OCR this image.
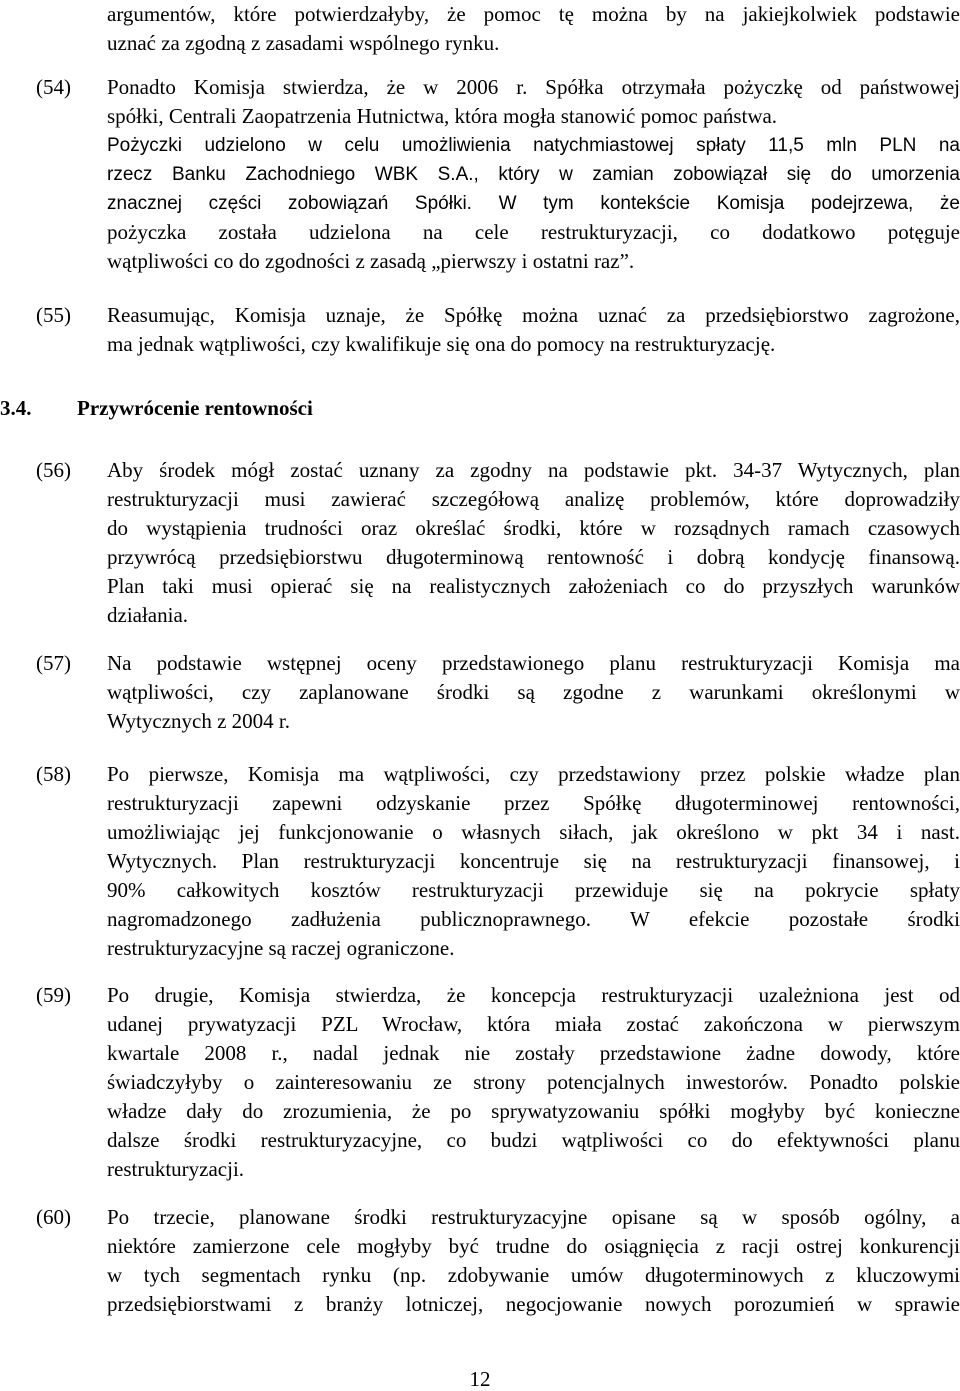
argumentów, które potwierdzałyby, że pomoc tę można by na jakiejkolwiek podstawie
uznać za zgodną z zasadami wspólnego rynku.
(54) Ponadto Komisja stwierdza, że w 2006 r. Spółka otrzymała pożyczkę od państwowej
spółki, Centrali Zaopatrzenia Hutnictwa, która mogła stanowić pomoc państwa.
Pożyczki udzielono w celu umożliwienia natychmiastowej spłaty 11,5 mln PLN na
rzecz Banku Zachodniego WBK S.A., który w zamian zobowiązał się do umorzenia
znacznej części zobowiązań Spółki. W tym kontekście Komisja podejrzewa, że
pożyczka została udzielona na cele restrukturyzacji, co dodatkowo potęguje
wątpliwości co do zgodności z zasadą „pierwszy i ostatni raz”.
(55) Reasumując, Komisja uznaje, że Spółkę można uznać za przedsiębiorstwo zagrożone,
ma jednak wątpliwości, czy kwalifikuje się ona do pomocy na restrukturyzację.
3.4. Przywrócenie rentowności
(56) Aby środek mógł zostać uznany za zgodny na podstawie pkt. 34-37 Wytycznych, plan
restrukturyzacji musi zawierać szczegółową analizę problemów, które doprowadziły
do wystąpienia trudności oraz określać środki, które w rozsądnych ramach czasowych
przywrócą przedsiębiorstwu długoterminową rentowność i dobrą kondycję finansową.
Plan taki musi opierać się na realistycznych założeniach co do przyszłych warunków
działania.
(57) Na podstawie wstępnej oceny przedstawionego planu restrukturyzacji Komisja ma
wątpliwości, czy zaplanowane środki są zgodne z warunkami określonymi w
Wytycznych z 2004 r.
(58) Po pierwsze, Komisja ma wątpliwości, czy przedstawiony przez polskie władze plan
restrukturyzacji zapewni odzyskanie przez Spółkę długoterminowej rentowności,
umożliwiając jej funkcjonowanie o własnych siłach, jak określono w pkt 34 i nast.
Wytycznych. Plan restrukturyzacji koncentruje się na restrukturyzacji finansowej, i
90% całkowitych kosztów restrukturyzacji przewiduje się na pokrycie spłaty
nagromadzonego zadłużenia publicznoprawnego. W efekcie pozostałe środki
restrukturyzacyjne są raczej ograniczone.
(59) Po drugie, Komisja stwierdza, że koncepcja restrukturyzacji uzależniona jest od
udanej prywatyzacji PZL Wrocław, która miała zostać zakończona w pierwszym
kwartale 2008 r., nadal jednak nie zostały przedstawione żadne dowody, które
świadczyłyby o zainteresowaniu ze strony potencjalnych inwestorów. Ponadto polskie
władze dały do zrozumienia, że po sprywatyzowaniu spółki mogłyby być konieczne
dalsze środki restrukturyzacyjne, co budzi wątpliwości co do efektywności planu
restrukturyzacji.
(60) Po trzecie, planowane środki restrukturyzacyjne opisane są w sposób ogólny, a
niektóre zamierzone cele mogłyby być trudne do osiągnięcia z racji ostrej konkurencji
w tych segmentach rynku (np. zdobywanie umów długoterminowych z kluczowymi
przedsiębiorstwami z branży lotniczej, negocjowanie nowych porozumień w sprawie
12
